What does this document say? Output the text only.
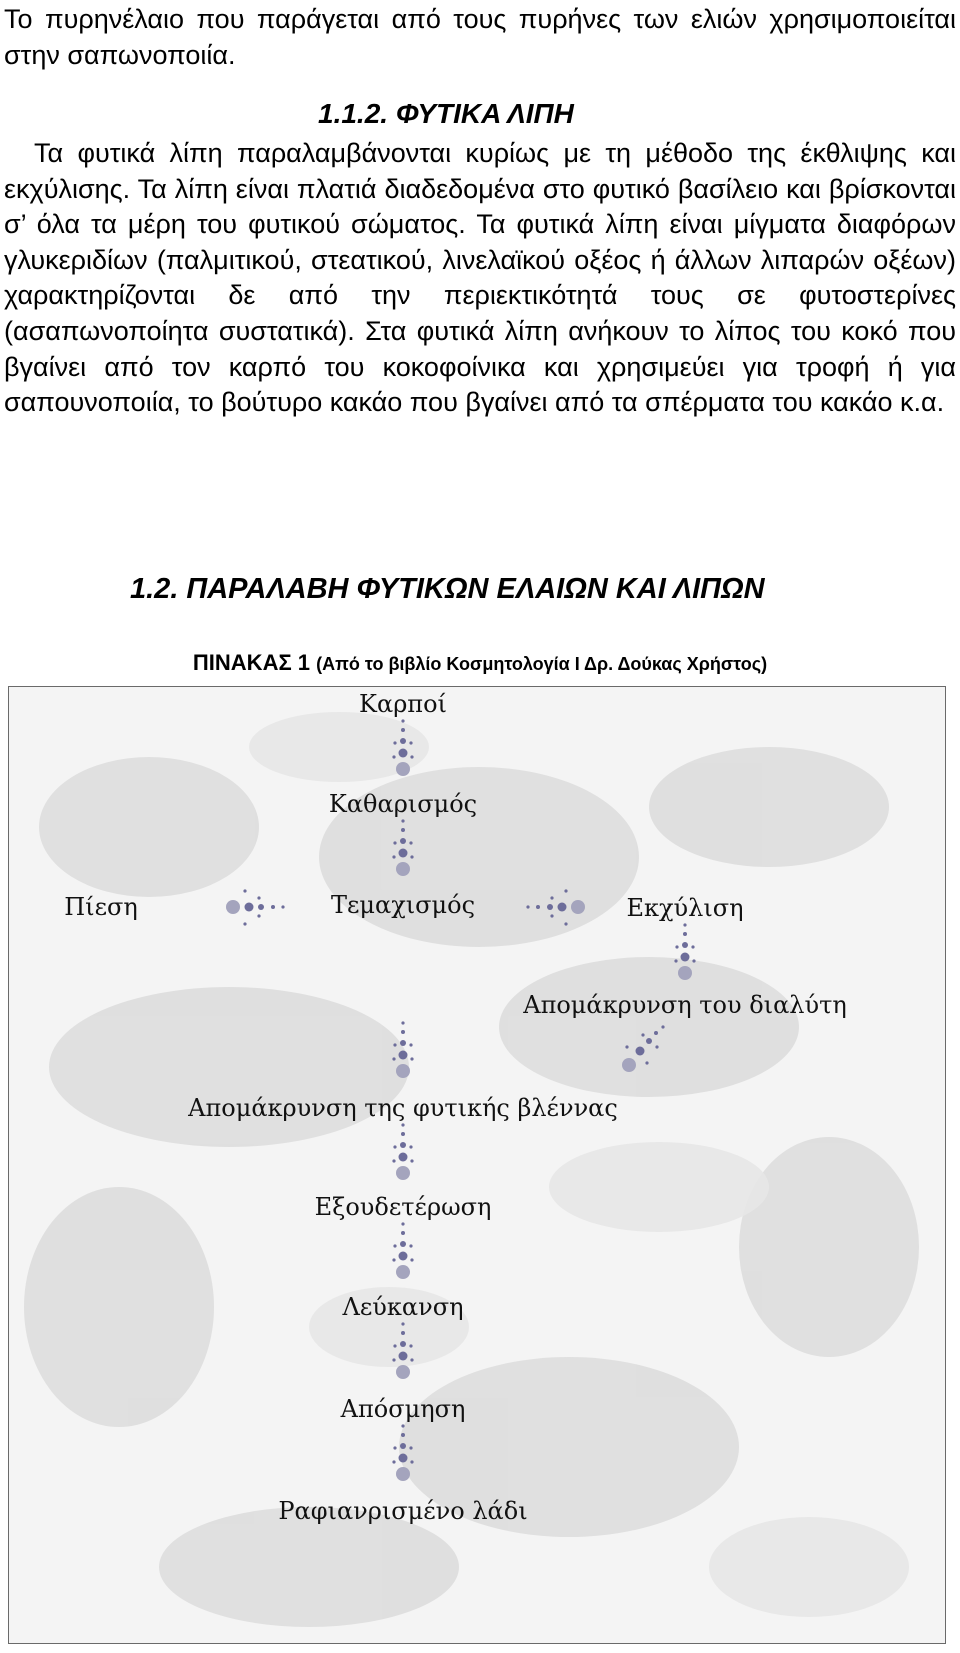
Το πυρηνέλαιο που παράγεται από τους πυρήνες των ελιών χρησιμοποιείται στην σαπωνοποιία.

1.1.2. ΦΥΤΙΚΑ ΛΙΠΗ

Τα φυτικά λίπη παραλαμβάνονται κυρίως με τη μέθοδο της έκθλιψης και εκχύλισης. Τα λίπη είναι πλατιά διαδεδομένα στο φυτικό βασίλειο και βρίσκονται σ’ όλα τα μέρη του φυτικού σώματος. Τα φυτικά λίπη είναι μίγματα διαφόρων γλυκεριδίων (παλμιτικού, στεατικού, λινελαϊκού οξέος ή άλλων λιπαρών οξέων) χαρακτηρίζονται δε από την περιεκτικότητά τους σε φυτοστερίνες (ασαπωνοποίητα συστατικά). Στα φυτικά λίπη ανήκουν το λίπος του κοκό που βγαίνει από τον καρπό του κοκοφοίνικα και χρησιμεύει για τροφή ή για σαπουνοποιία, το βούτυρο κακάο που βγαίνει από τα σπέρματα του κακάο κ.α.

1.2. ΠΑΡΑΛΑΒΗ ΦΥΤΙΚΩΝ ΕΛΑΙΩΝ ΚΑΙ ΛΙΠΩΝ
ΠΙΝΑΚΑΣ 1 (Από το βιβλίο Κοσμητολογία Ι Δρ. Δούκας Χρήστος)
Καρποί
Καθαρισμός
Πίεση	Τεμαχισμός	Εκχύλιση
Απομάκρυνση του διαλύτη
Απομάκρυνση της φυτικής βλέννας
Εξουδετέρωση
Λεύκανση
Απόσμηση
Ραφιανρισμένο λάδι
